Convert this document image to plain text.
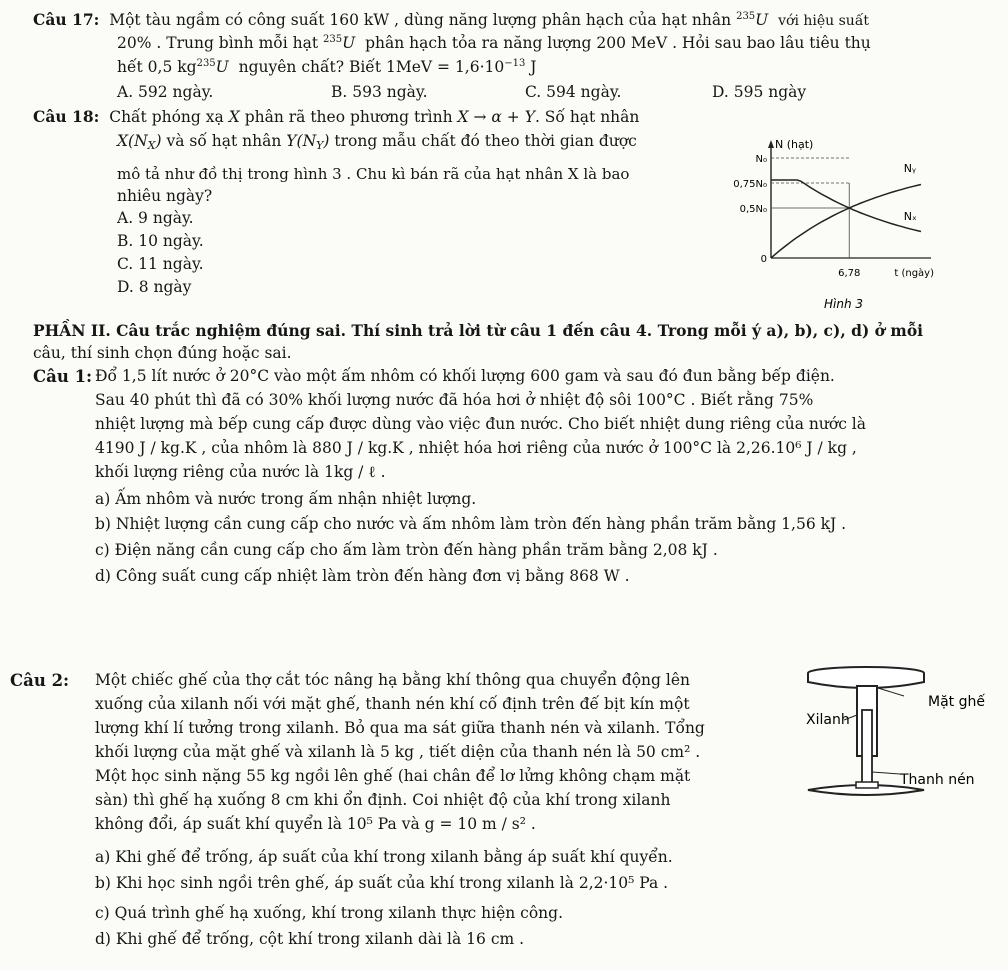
Câu 17: Một tàu ngầm có công suất 160 kW , dùng năng lượng phân hạch của hạt nhân $^{235}$U với hiệu suất
20% . Trung bình mỗi hạt $^{235}$U phân hạch tỏa ra năng lượng 200 MeV . Hỏi sau bao lâu tiêu thụ
hết 0,5 $kg^{235}U$ nguyên chất? Biết $1MeV = 1,6\cdot 10^{-13}$ J
A. 592 ngày.	B. 593 ngày.	C. 594 ngày.	D. 595 ngày
Câu 18: Chất phóng xạ X phân rã theo phương trình X → α + Y. Số hạt nhân
$X(N_X)$ và số hạt nhân $Y(N_Y)$ trong mẫu chất đó theo thời gian được
mô tả như đồ thị trong hình 3 . Chu kì bán rã của hạt nhân X là bao
nhiêu ngày?
A. 9 ngày.
B. 10 ngày.
C. 11 ngày.
D. 8 ngày
N (hạt)
t (ngày)
N₀
0,75N₀
0,5N₀
0
6,78
Nᵧ
Nₓ
Hình 3
PHẦN II. Câu trắc nghiệm đúng sai. Thí sinh trả lời từ câu 1 đến câu 4. Trong mỗi ý a), b), c), d) ở mỗi
câu, thí sinh chọn đúng hoặc sai.
Câu 1: Đổ 1,5 lít nước ở 20°C vào một ấm nhôm có khối lượng 600 gam và sau đó đun bằng bếp điện.
Sau 40 phút thì đã có 30% khối lượng nước đã hóa hơi ở nhiệt độ sôi 100°C . Biết rằng 75%
nhiệt lượng mà bếp cung cấp được dùng vào việc đun nước. Cho biết nhiệt dung riêng của nước là
4190 J / kg.K , của nhôm là 880 J / kg.K , nhiệt hóa hơi riêng của nước ở 100°C là 2,26.10⁶ J / kg ,
khối lượng riêng của nước là 1kg / ℓ .
a) Ấm nhôm và nước trong ấm nhận nhiệt lượng.
b) Nhiệt lượng cần cung cấp cho nước và ấm nhôm làm tròn đến hàng phần trăm bằng 1,56 kJ .
c) Điện năng cần cung cấp cho ấm làm tròn đến hàng phần trăm bằng 2,08 kJ .
d) Công suất cung cấp nhiệt làm tròn đến hàng đơn vị bằng 868 W .
Câu 2: Một chiếc ghế của thợ cắt tóc nâng hạ bằng khí thông qua chuyển động lên
xuống của xilanh nối với mặt ghế, thanh nén khí cố định trên đế bịt kín một
lượng khí lí tưởng trong xilanh. Bỏ qua ma sát giữa thanh nén và xilanh. Tổng
khối lượng của mặt ghế và xilanh là 5 kg , tiết diện của thanh nén là 50 cm² .
Một học sinh nặng 55 kg ngồi lên ghế (hai chân để lơ lửng không chạm mặt
sàn) thì ghế hạ xuống 8 cm khi ổn định. Coi nhiệt độ của khí trong xilanh
không đổi, áp suất khí quyển là 10⁵ Pa và g = 10 m / s² .
a) Khi ghế để trống, áp suất của khí trong xilanh bằng áp suất khí quyển.
b) Khi học sinh ngồi trên ghế, áp suất của khí trong xilanh là 2,2·10⁵ Pa .
c) Quá trình ghế hạ xuống, khí trong xilanh thực hiện công.
d) Khi ghế để trống, cột khí trong xilanh dài là 16 cm .
Mặt ghế
Xilanh
Thanh nén
